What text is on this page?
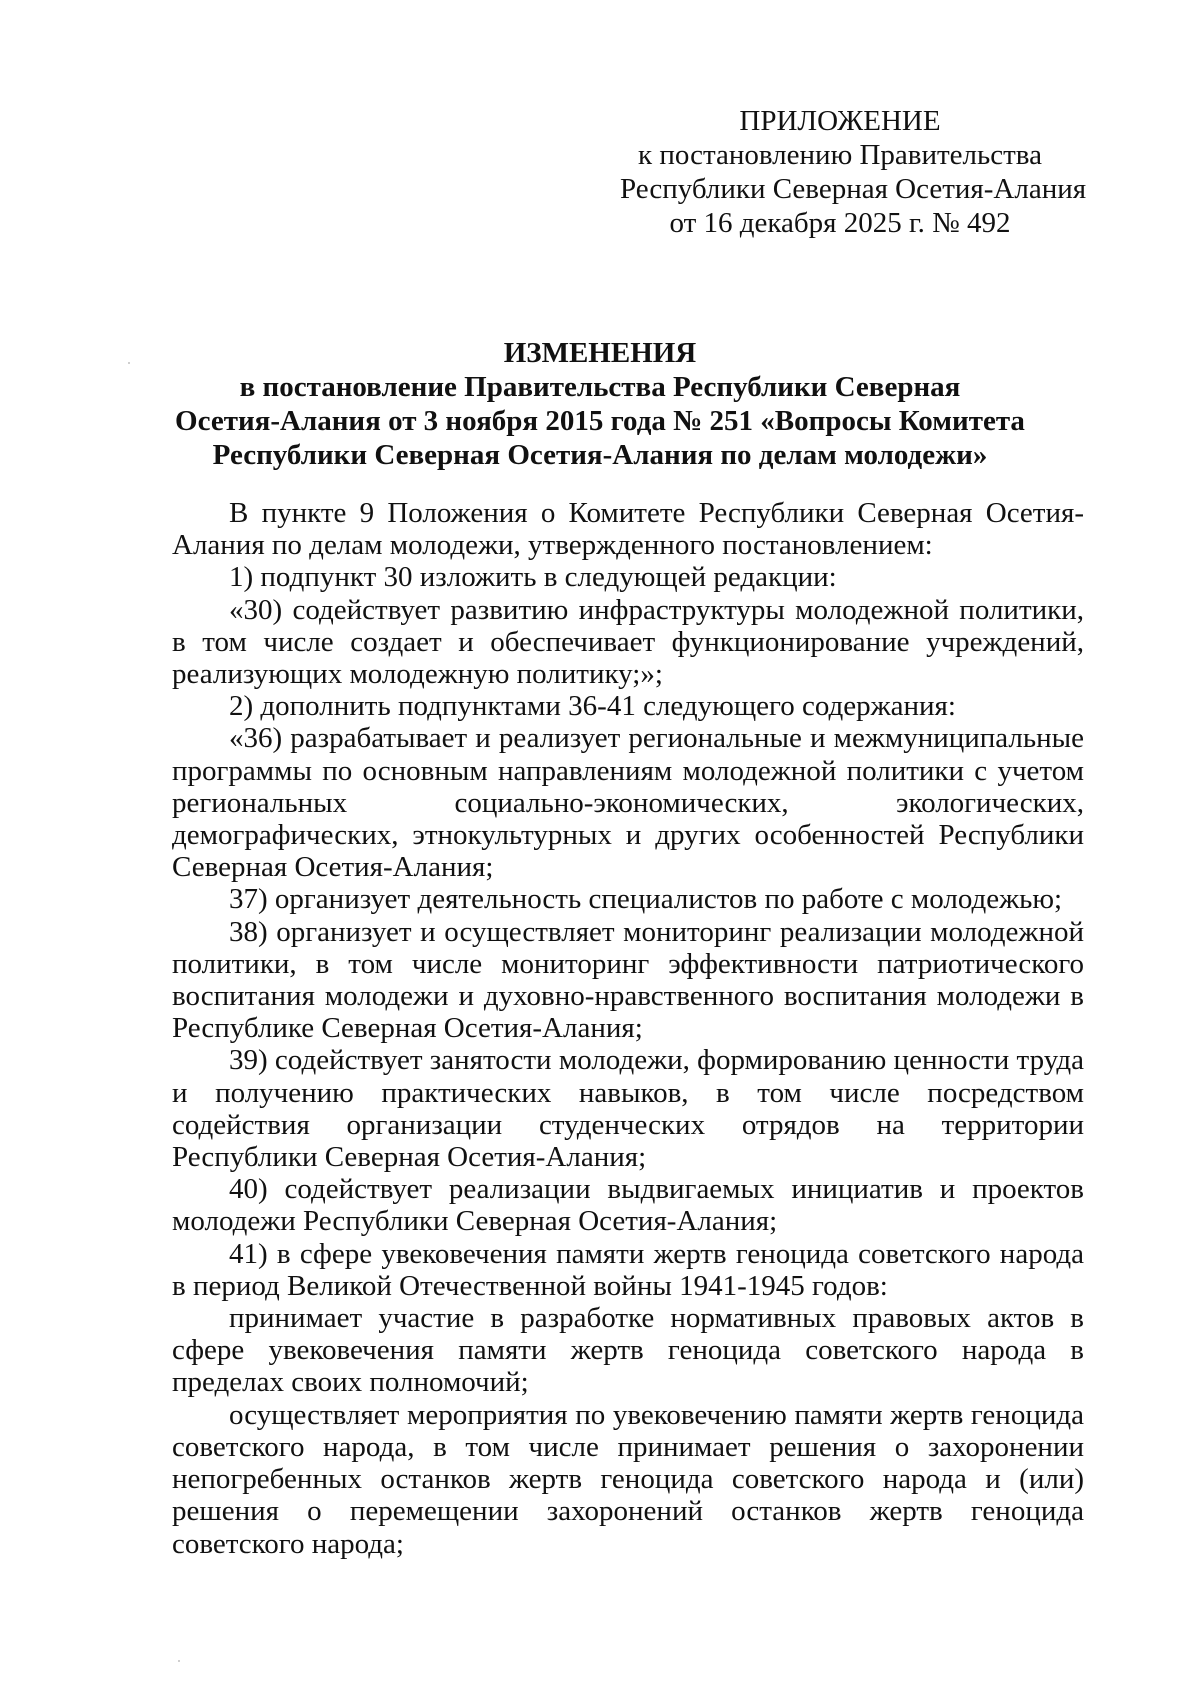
ПРИЛОЖЕНИЕ
к постановлению Правительства
Республики Северная Осетия-Алания
от 16 декабря 2025 г. № 492
ИЗМЕНЕНИЯ
в постановление Правительства Республики Северная
Осетия-Алания от 3 ноября 2015 года № 251 «Вопросы Комитета
Республики Северная Осетия-Алания по делам молодежи»

В пункте 9 Положения о Комитете Республики Северная Осетия-Алания по делам молодежи, утвержденного постановлением:

1) подпункт 30 изложить в следующей редакции:

«30) содействует развитию инфраструктуры молодежной политики, в том числе создает и обеспечивает функционирование учреждений, реализующих молодежную политику;»;

2) дополнить подпунктами 36-41 следующего содержания:

«36) разрабатывает и реализует региональные и межмуниципальные программы по основным направлениям молодежной политики с учетом региональных социально-экономических, экологических, демографических, этнокультурных и других особенностей Республики Северная Осетия-Алания;

37) организует деятельность специалистов по работе с молодежью;

38) организует и осуществляет мониторинг реализации молодежной политики, в том числе мониторинг эффективности патриотического воспитания молодежи и духовно-нравственного воспитания молодежи в Республике Северная Осетия-Алания;

39) содействует занятости молодежи, формированию ценности труда и получению практических навыков, в том числе посредством содействия организации студенческих отрядов на территории Республики Северная Осетия-Алания;

40) содействует реализации выдвигаемых инициатив и проектов молодежи Республики Северная Осетия-Алания;

41) в сфере увековечения памяти жертв геноцида советского народа в период Великой Отечественной войны 1941-1945 годов:

принимает участие в разработке нормативных правовых актов в сфере увековечения памяти жертв геноцида советского народа в пределах своих полномочий;

осуществляет мероприятия по увековечению памяти жертв геноцида советского народа, в том числе принимает решения о захоронении непогребенных останков жертв геноцида советского народа и (или) решения о перемещении захоронений останков жертв геноцида советского народа;
